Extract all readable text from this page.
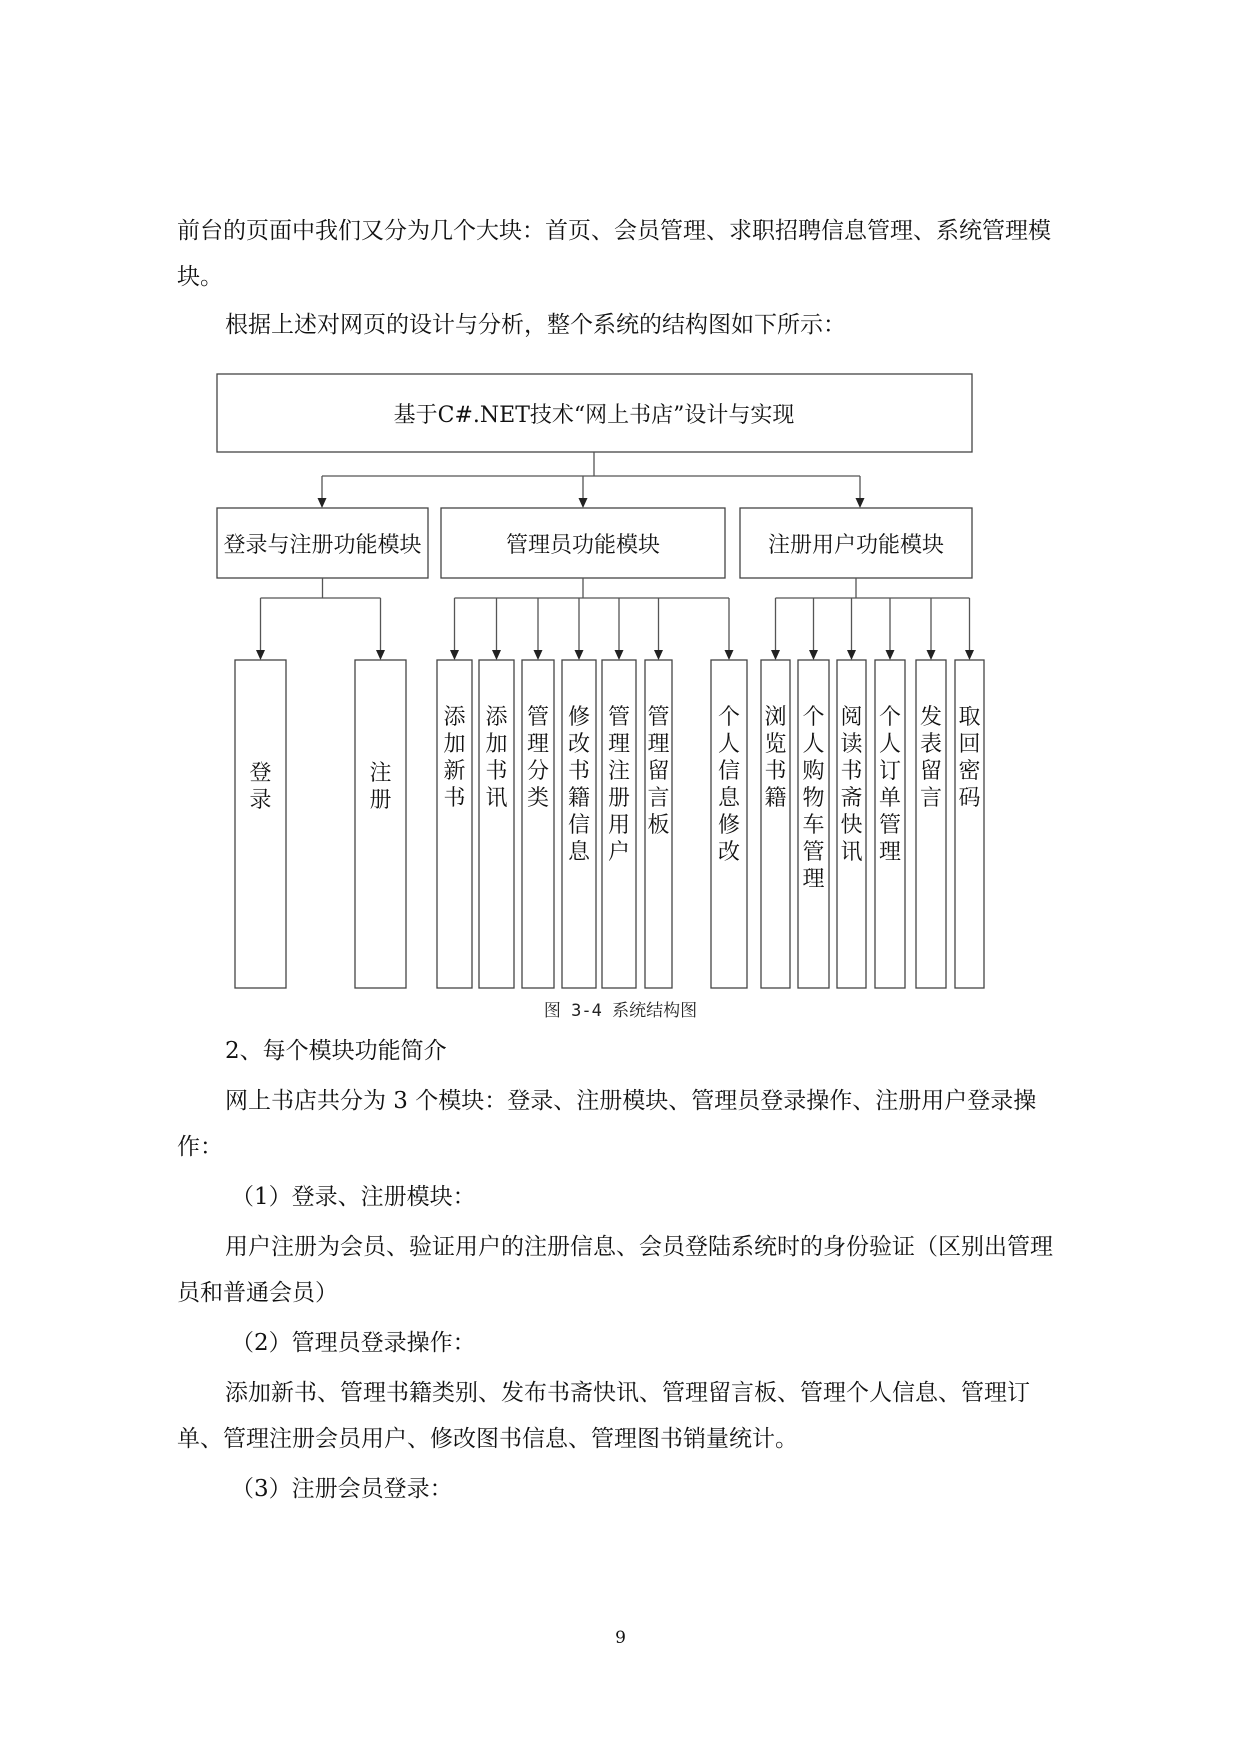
前台的页面中我们又分为几个大块：首页、会员管理、求职招聘信息管理、系统管理模块。
根据上述对网页的设计与分析，整个系统的结构图如下所示：
基于C#.NET技术“网上书店”设计与实现
登录与注册功能模块
登录
注册
管理员功能模块
添加新书
添加书讯
管理分类
修改书籍信息
管理注册用户
管理留言板
个人信息修改
注册用户功能模块
浏览书籍
个人购物车管理
阅读书斋快讯
个人订单管理
发表留言
取回密码
图 3-4 系统结构图
2、每个模块功能简介
网上书店共分为 3 个模块：登录、注册模块、管理员登录操作、注册用户登录操作：
（1）登录、注册模块：
用户注册为会员、验证用户的注册信息、会员登陆系统时的身份验证（区别出管理员和普通会员）
（2）管理员登录操作：
添加新书、管理书籍类别、发布书斋快讯、管理留言板、管理个人信息、管理订单、管理注册会员用户、修改图书信息、管理图书销量统计。
（3）注册会员登录：
9
